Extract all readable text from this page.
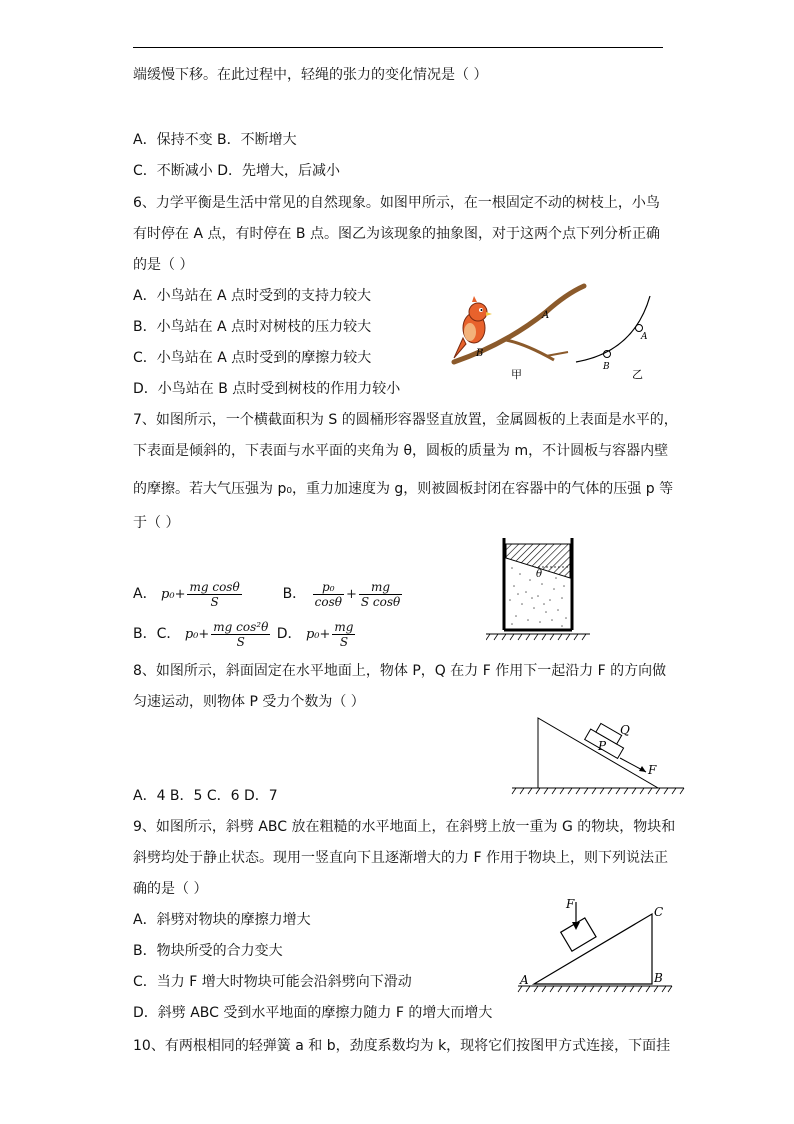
端缓慢下移。在此过程中，轻绳的张力的变化情况是（ ）
A．保持不变 B．不断增大
C．不断减小 D．先增大，后减小
6、力学平衡是生活中常见的自然现象。如图甲所示，在一根固定不动的树枝上，小鸟
有时停在 A 点，有时停在 B 点。图乙为该现象的抽象图，对于这两个点下列分析正确
的是（ ）
A．小鸟站在 A 点时受到的支持力较大
B．小鸟站在 A 点时对树枝的压力较大
C．小鸟站在 A 点时受到的摩擦力较大
D．小鸟站在 B 点时受到树枝的作用力较小
A
B
甲
A
B
乙
7、如图所示，一个横截面积为 S 的圆桶形容器竖直放置，金属圆板的上表面是水平的，
下表面是倾斜的，下表面与水平面的夹角为 θ，圆板的质量为 m，不计圆板与容器内壁
的摩擦。若大气压强为 p₀，重力加速度为 g，则被圆板封闭在容器中的气体的压强 p 等
于（ ）
A． $p_0+ \frac{\text{mg cosθ}}{S}$	B． $\frac{\text{p₀}}{\cos\theta} + \frac{mg}{\text{S cosθ}}$
B．C． $p_0+ \frac{\text{mg cos²θ}}{S}$ D． $p_0+ \frac{mg}{S}$
θ
8、如图所示，斜面固定在水平地面上，物体 P，Q 在力 F 作用下一起沿力 F 的方向做
匀速运动，则物体 P 受力个数为（ ）
A．4 B．5 C．6 D．7
Q
P
F
9、如图所示，斜劈 ABC 放在粗糙的水平地面上，在斜劈上放一重为 G 的物块，物块和
斜劈均处于静止状态。现用一竖直向下且逐渐增大的力 F 作用于物块上，则下列说法正
确的是（ ）
A．斜劈对物块的摩擦力增大
B．物块所受的合力变大
C．当力 F 增大时物块可能会沿斜劈向下滑动
D．斜劈 ABC 受到水平地面的摩擦力随力 F 的增大而增大
F
A	B
C
10、有两根相同的轻弹簧 a 和 b，劲度系数均为 k，现将它们按图甲方式连接，下面挂
